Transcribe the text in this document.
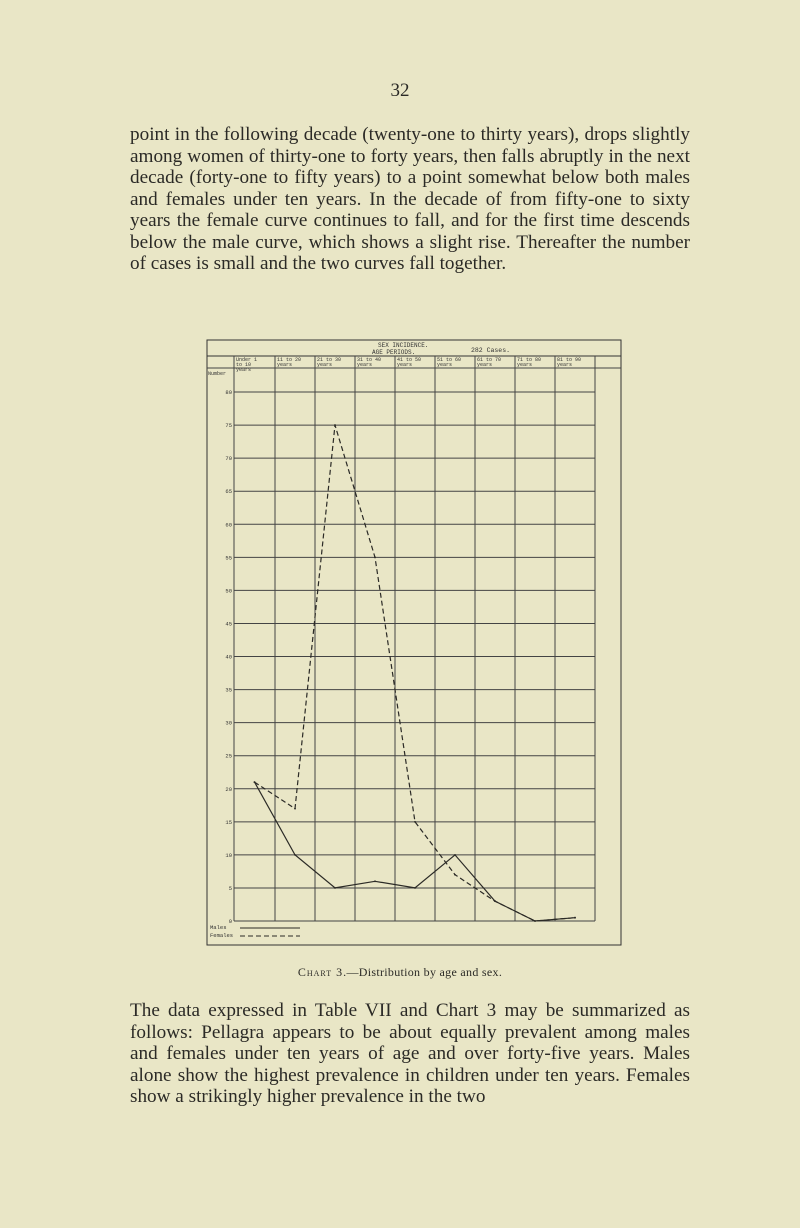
32

point in the following decade (twenty-one to thirty years), drops slightly among women of thirty-one to forty years, then falls abruptly in the next decade (forty-one to fifty years) to a point somewhat below both males and females under ten years. In the decade of from fifty-one to sixty years the female curve continues to fall, and for the first time descends below the male curve, which shows a slight rise. Thereafter the number of cases is small and the two curves fall together.

SEX INCIDENCE.
AGE PERIODS.	282 Cases.
Number
Under 1 to 10 years
11 to 20 years
21 to 30 years
31 to 40 years
41 to 50 years
51 to 60 years
61 to 70 years
71 to 80 years
81 to 90 years
80
75
70
65
60
55
50
45
40
35
30
25
20
15
10
5
0
Males
Females
Chart 3.—Distribution by age and sex.

The data expressed in Table VII and Chart 3 may be summarized as follows: Pellagra appears to be about equally prevalent among males and females under ten years of age and over forty-five years. Males alone show the highest prevalence in children under ten years. Females show a strikingly higher prevalence in the two
